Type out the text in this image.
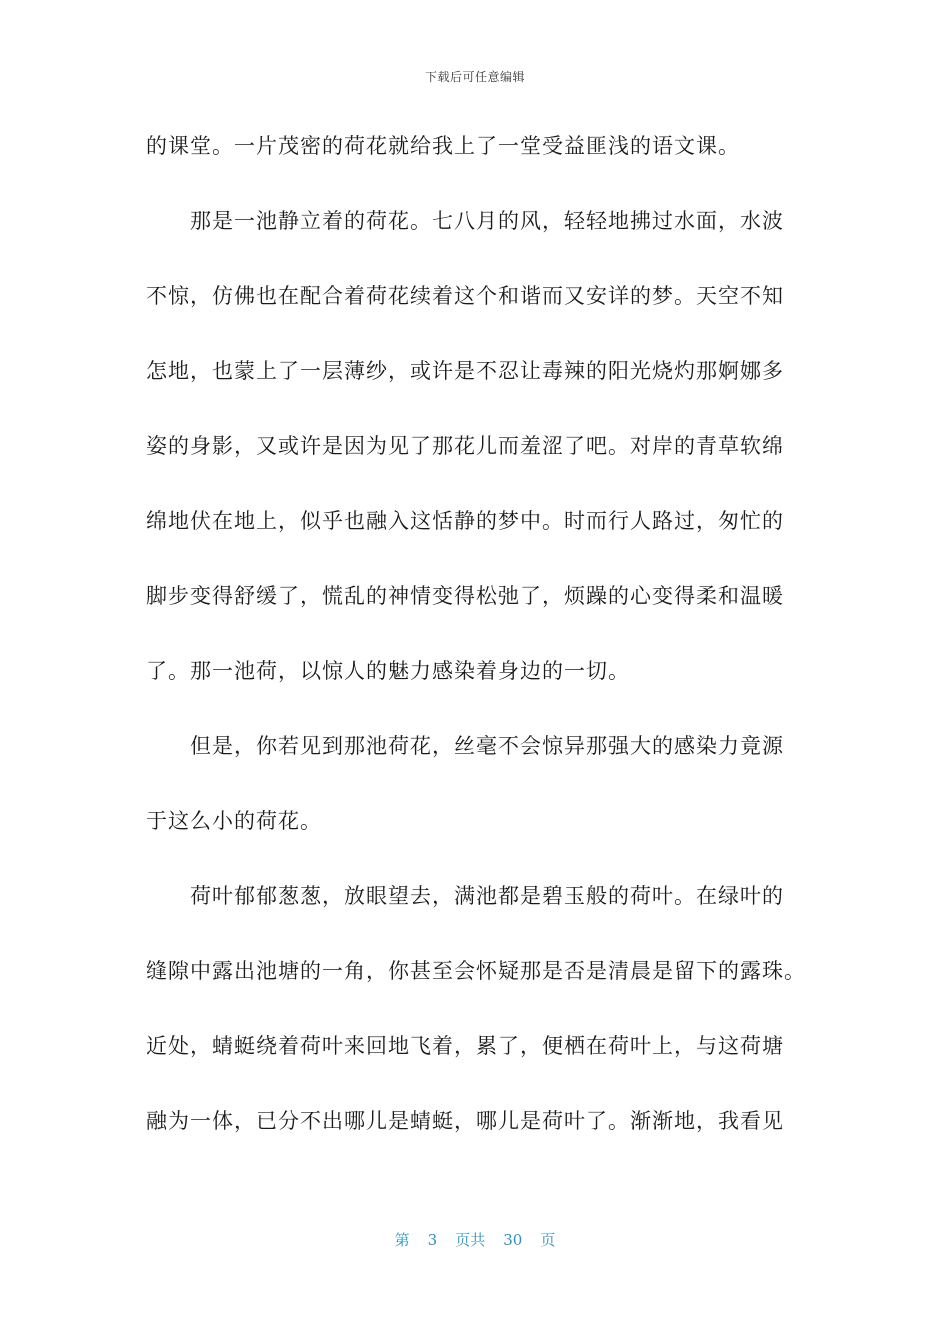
下载后可任意编辑
的课堂。一片茂密的荷花就给我上了一堂受益匪浅的语文课。
那是一池静立着的荷花。七八月的风，轻轻地拂过水面，水波
不惊，仿佛也在配合着荷花续着这个和谐而又安详的梦。天空不知
怎地，也蒙上了一层薄纱，或许是不忍让毒辣的阳光烧灼那婀娜多
姿的身影，又或许是因为见了那花儿而羞涩了吧。对岸的青草软绵
绵地伏在地上，似乎也融入这恬静的梦中。时而行人路过，匆忙的
脚步变得舒缓了，慌乱的神情变得松弛了，烦躁的心变得柔和温暖
了。那一池荷，以惊人的魅力感染着身边的一切。
但是，你若见到那池荷花，丝毫不会惊异那强大的感染力竟源
于这么小的荷花。
荷叶郁郁葱葱，放眼望去，满池都是碧玉般的荷叶。在绿叶的
缝隙中露出池塘的一角，你甚至会怀疑那是否是清晨是留下的露珠。
近处，蜻蜓绕着荷叶来回地飞着，累了，便栖在荷叶上，与这荷塘
融为一体，已分不出哪儿是蜻蜓，哪儿是荷叶了。渐渐地，我看见
第 3 页共 30 页
